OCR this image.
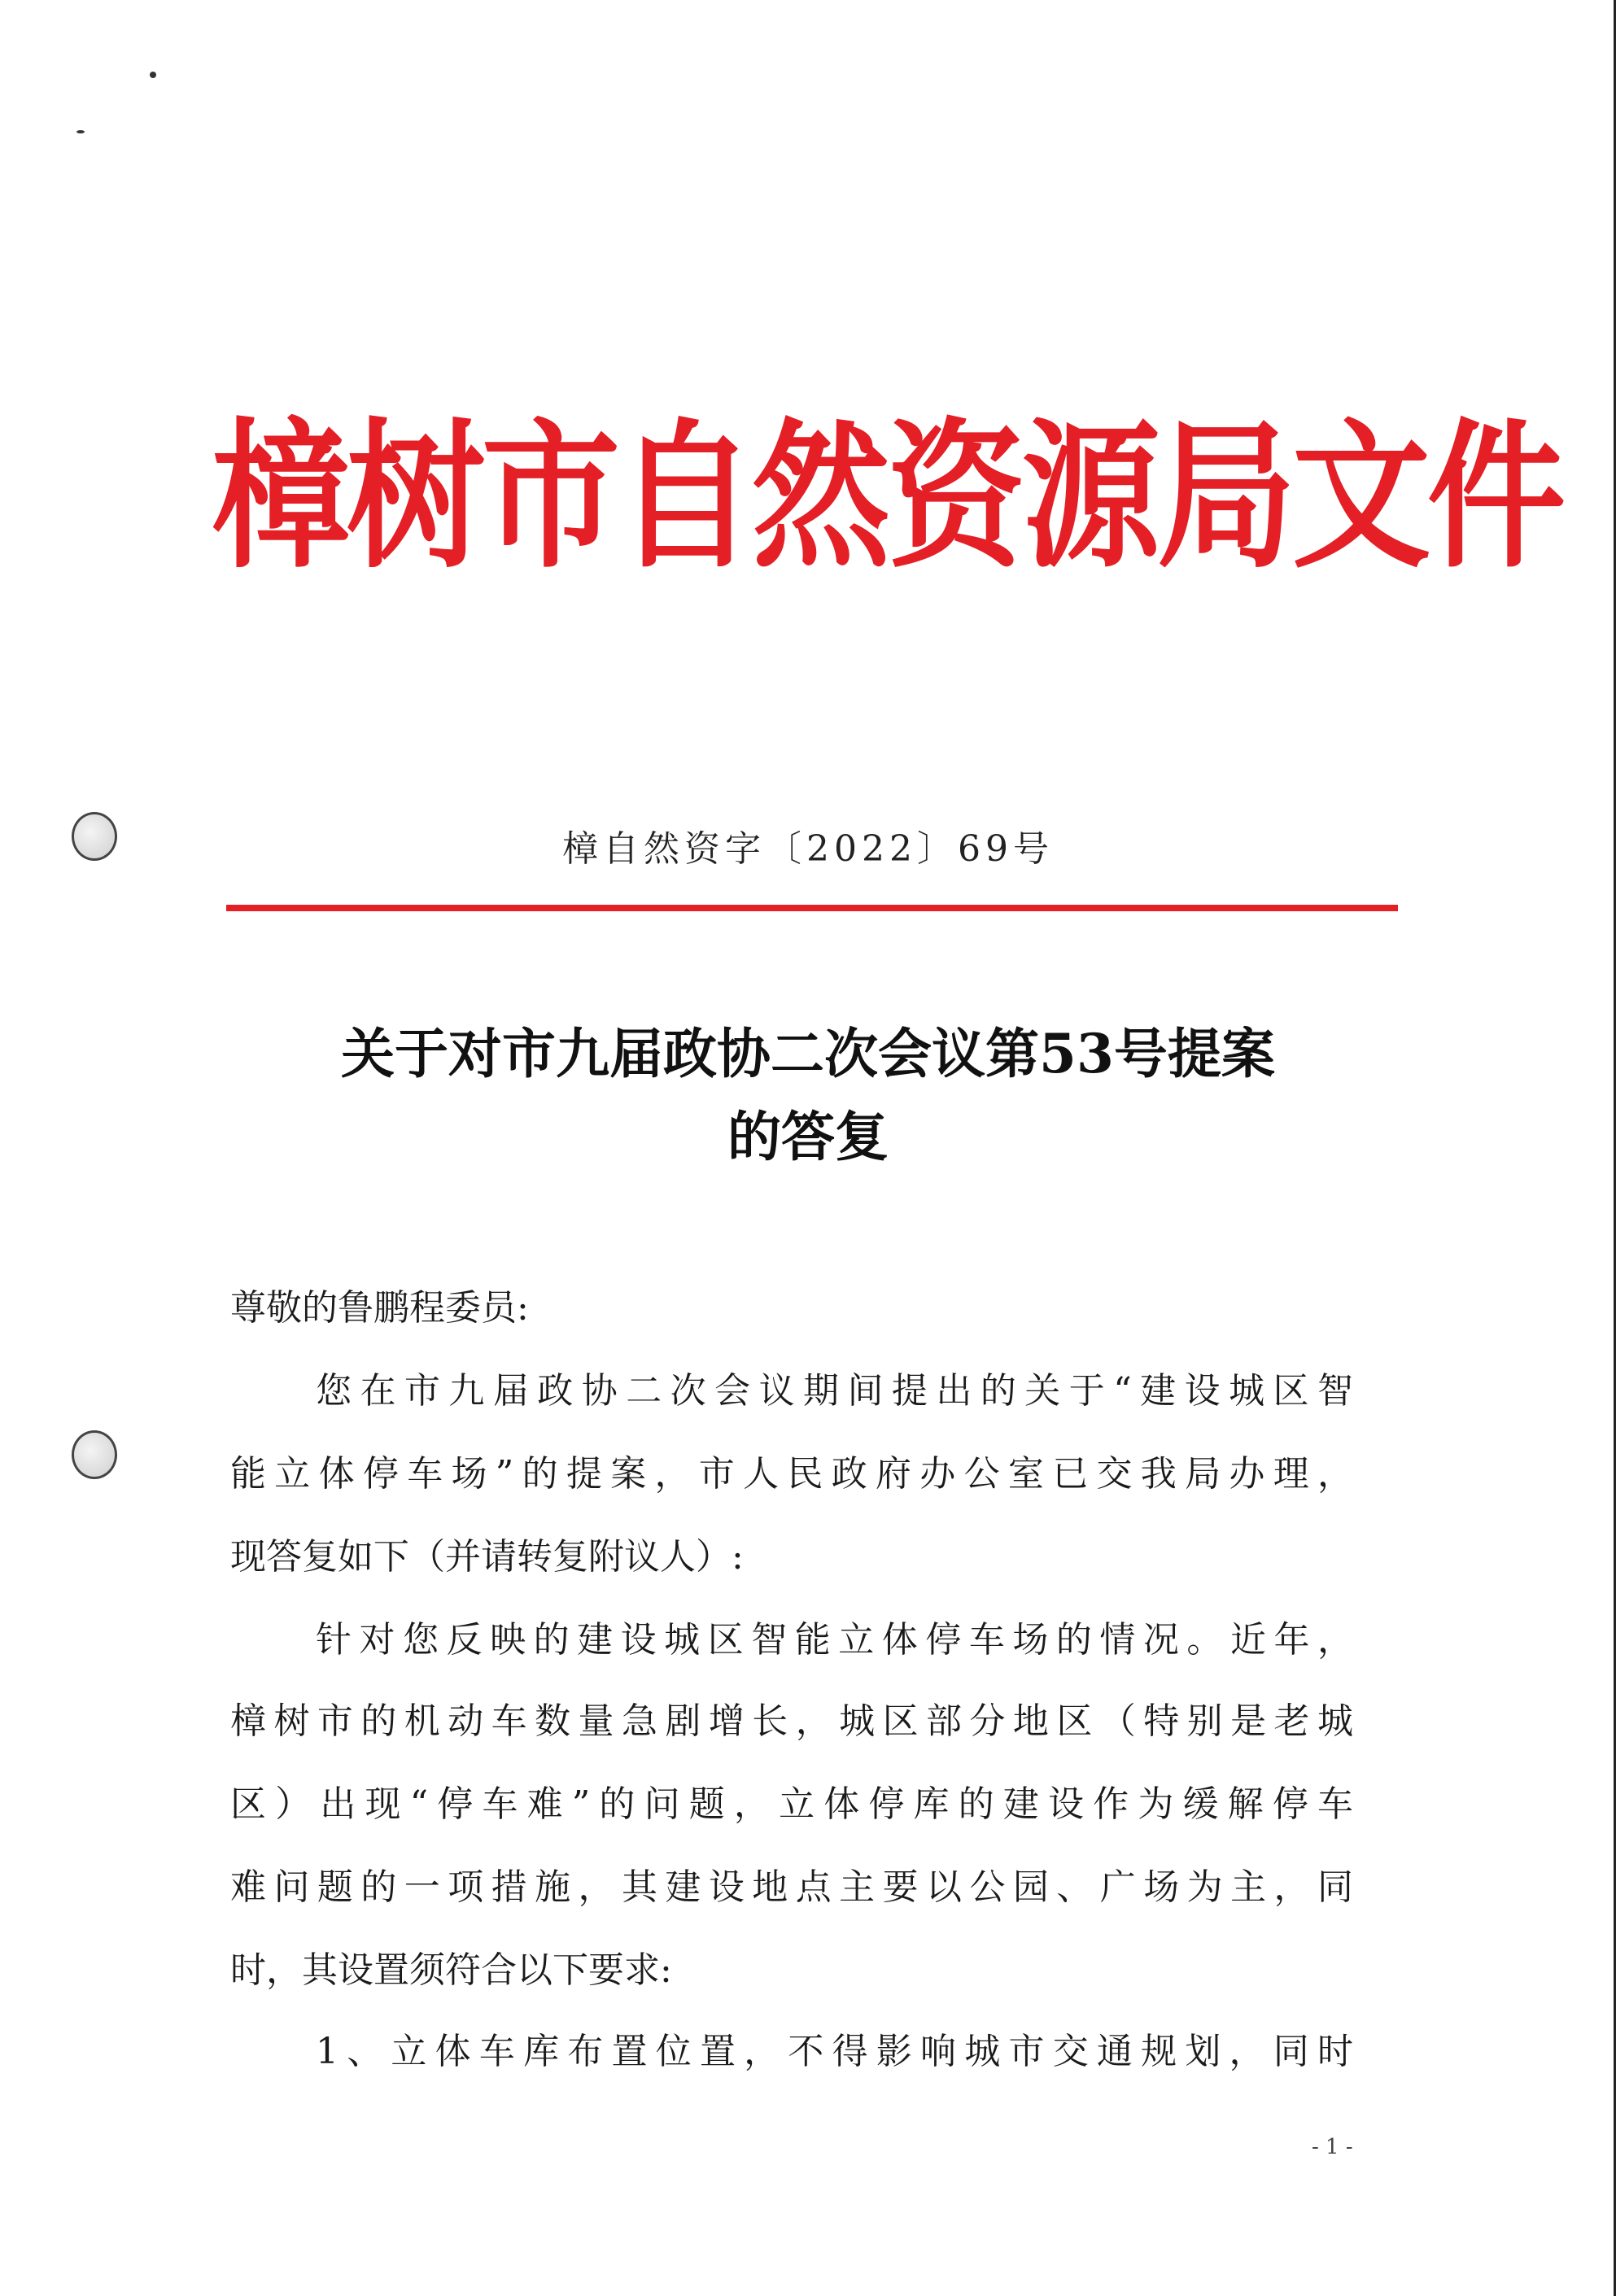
樟树市自然资源局文件
樟自然资字〔2022〕69号
关于对市九届政协二次会议第53号提案
的答复
尊敬的鲁鹏程委员:
您在市九届政协二次会议期间提出的关于“建设城区智
能立体停车场”的提案，市人民政府办公室已交我局办理，
现答复如下（并请转复附议人）:
针对您反映的建设城区智能立体停车场的情况。近年，
樟树市的机动车数量急剧增长，城区部分地区（特别是老城
区）出现“停车难”的问题，立体停库的建设作为缓解停车
难问题的一项措施，其建设地点主要以公园、广场为主，同
时，其设置须符合以下要求:
1、立体车库布置位置，不得影响城市交通规划，同时
- 1 -
